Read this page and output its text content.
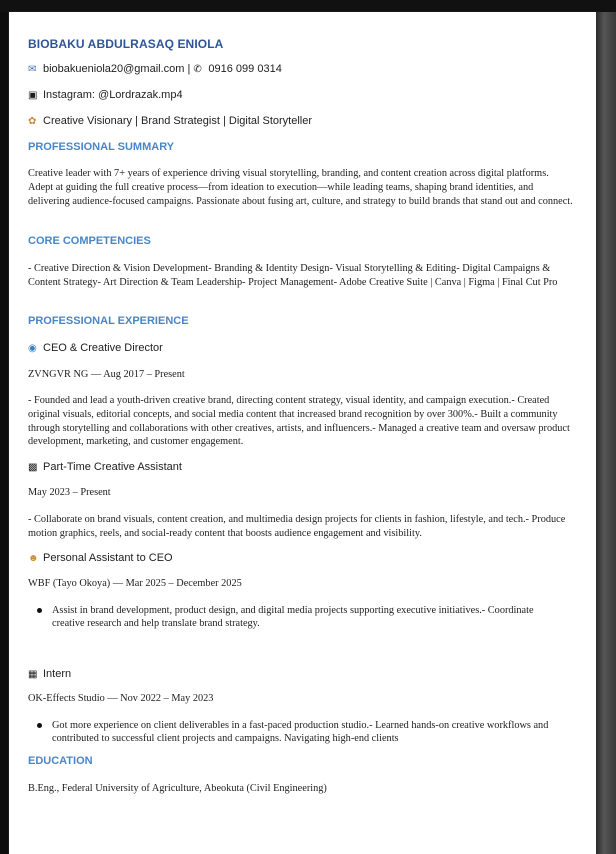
BIOBAKU ABDULRASAQ ENIOLA
✉ biobakueniola20@gmail.com | ✆ 0916 099 0314
▣ Instagram: @Lordrazak.mp4
✿ Creative Visionary | Brand Strategist | Digital Storyteller
PROFESSIONAL SUMMARY
Creative leader with 7+ years of experience driving visual storytelling, branding, and content creation across digital platforms. Adept at guiding the full creative process—from ideation to execution—while leading teams, shaping brand identities, and delivering audience-focused campaigns. Passionate about fusing art, culture, and strategy to build brands that stand out and connect.
CORE COMPETENCIES
- Creative Direction & Vision Development- Branding & Identity Design- Visual Storytelling & Editing- Digital Campaigns & Content Strategy- Art Direction & Team Leadership- Project Management- Adobe Creative Suite | Canva | Figma | Final Cut Pro
PROFESSIONAL EXPERIENCE
◉ CEO & Creative Director
ZVNGVR NG — Aug 2017 – Present
- Founded and lead a youth-driven creative brand, directing content strategy, visual identity, and campaign execution.- Created original visuals, editorial concepts, and social media content that increased brand recognition by over 300%.- Built a community through storytelling and collaborations with other creatives, artists, and influencers.- Managed a creative team and oversaw product development, marketing, and customer engagement.
▩ Part-Time Creative Assistant
May 2023 – Present
- Collaborate on brand visuals, content creation, and multimedia design projects for clients in fashion, lifestyle, and tech.- Produce motion graphics, reels, and social-ready content that boosts audience engagement and visibility.
☻ Personal Assistant to CEO
WBF (Tayo Okoya) — Mar 2025 – December 2025
Assist in brand development, product design, and digital media projects supporting executive initiatives.- Coordinate creative research and help translate brand strategy.
▦ Intern
OK-Effects Studio — Nov 2022 – May 2023
Got more experience on client deliverables in a fast-paced production studio.- Learned hands-on creative workflows and contributed to successful client projects and campaigns. Navigating high-end clients
EDUCATION
B.Eng., Federal University of Agriculture, Abeokuta (Civil Engineering)
